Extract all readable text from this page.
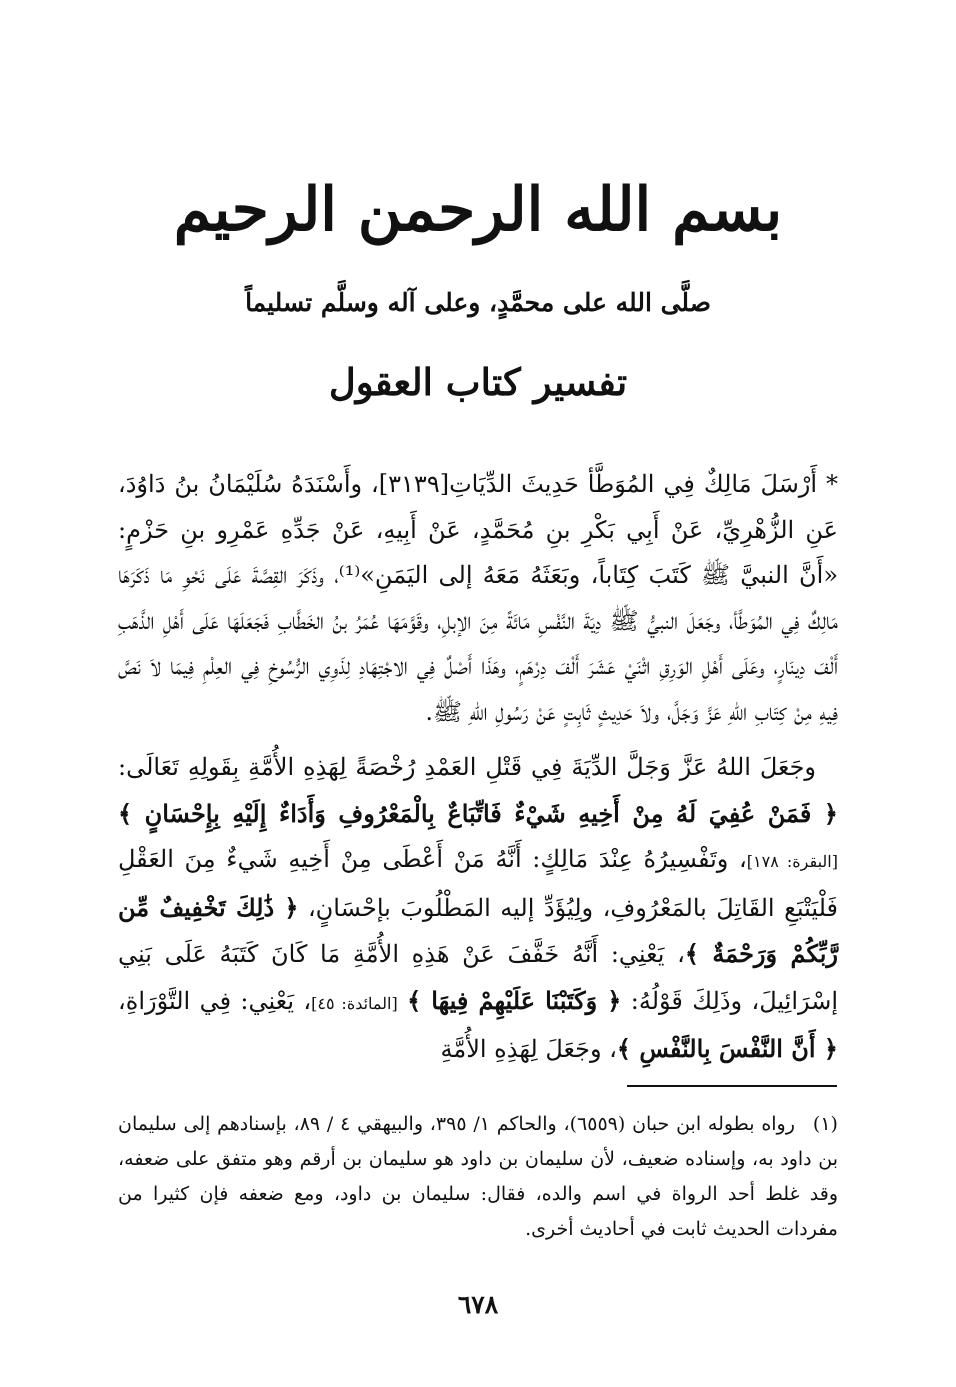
بسم الله الرحمن الرحيم
صلَّى الله على محمَّدٍ، وعلى آله وسلَّم تسليماً
تفسير كتاب العقول

* أَرْسَلَ مَالِكٌ فِي المُوَطَّأ حَدِيثَ الدِّيَاتِ[٣١٣٩]، وأَسْنَدَهُ سُلَيْمَانُ بنُ دَاوُدَ، عَنِ الزُّهْرِيِّ، عَنْ أَبِي بَكْرِ بنِ مُحَمَّدٍ، عَنْ أَبِيهِ، عَنْ جَدِّهِ عَمْرِو بنِ حَزْمٍ: «أَنَّ النبيَّ ﷺ كَتَبَ كِتَاباً، وبَعَثَهُ مَعَهُ إلى اليَمَنِ»⁽¹⁾، وذَكَرَ القِصَّةَ عَلَى نَحْوِ مَا ذَكَرَهَا مَالِكٌ فِي المُوَطَّأ، وجَعَلَ النبيُّ ﷺ دِيَةَ النَّفْسِ مَائَةً مِنَ الإبلِ، وقَوَّمَهَا عُمَرُ بنُ الخَطَّابِ فَجَعَلَهَا عَلَى أَهْلِ الذَّهَبِ أَلْفَ دِينَارٍ، وعَلَى أَهْلِ الوَرِقِ اثْنَيْ عَشَرَ أَلْفَ دِرْهَمٍ، وهَذَا أَصْلٌ فِي الاجْتِهَادِ لِذَوِي الرُّسُوخِ فِي العِلْمِ فِيمَا لاَ نَصَّ فِيهِ مِنْ كِتَابِ اللهِ عَزَّ وَجَلَّ، ولاَ حَدِيثٍ ثَابِتٍ عَنْ رَسُولِ اللهِ ﷺ.

وجَعَلَ اللهُ عَزَّ وَجَلَّ الدِّيَةَ فِي قَتْلِ العَمْدِ رُخْصَةً لِهَذِهِ الأُمَّةِ بِقَولِهِ تَعَالَى: ﴿ فَمَنْ عُفِيَ لَهُ مِنْ أَخِيهِ شَيْءٌ فَاتِّبَاعٌ بِالْمَعْرُوفِ وَأَدَاءٌ إِلَيْهِ بِإِحْسَانٍ ﴾ [البقرة: ١٧٨]، وتَفْسِيرُهُ عِنْدَ مَالِكٍ: أَنَّهُ مَنْ أَعْطَى مِنْ أَخِيهِ شَيءٌ مِنَ العَقْلِ فَلْيَتْبَعِ القَاتِلَ بالمَعْرُوفِ، ولِيُؤَدِّ إليه المَطْلُوبَ بإحْسَانٍ، ﴿ ذَٰلِكَ تَخْفِيفٌ مِّن رَّبِّكُمْ وَرَحْمَةٌ ﴾، يَعْنِي: أَنَّهُ خَفَّفَ عَنْ هَذِهِ الأُمَّةِ مَا كَانَ كَتَبَهُ عَلَى بَنِي إسْرَائِيلَ، وذَلِكَ قَوْلُهُ: ﴿ وَكَتَبْنَا عَلَيْهِمْ فِيهَا ﴾ [المائدة: ٤٥]، يَعْنِي: فِي التَّوْرَاةِ، ﴿ أَنَّ النَّفْسَ بِالنَّفْسِ ﴾، وجَعَلَ لِهَذِهِ الأُمَّةِ

(١)رواه بطوله ابن حبان (٦٥٥٩)، والحاكم ١/ ٣٩٥، والبيهقي ٤ / ٨٩، بإسنادهم إلى سليمان بن داود به، وإسناده ضعيف، لأن سليمان بن داود هو سليمان بن أرقم وهو متفق على ضعفه، وقد غلط أحد الرواة في اسم والده، فقال: سليمان بن داود، ومع ضعفه فإن كثيرا من مفردات الحديث ثابت في أحاديث أخرى.
٦٧٨
